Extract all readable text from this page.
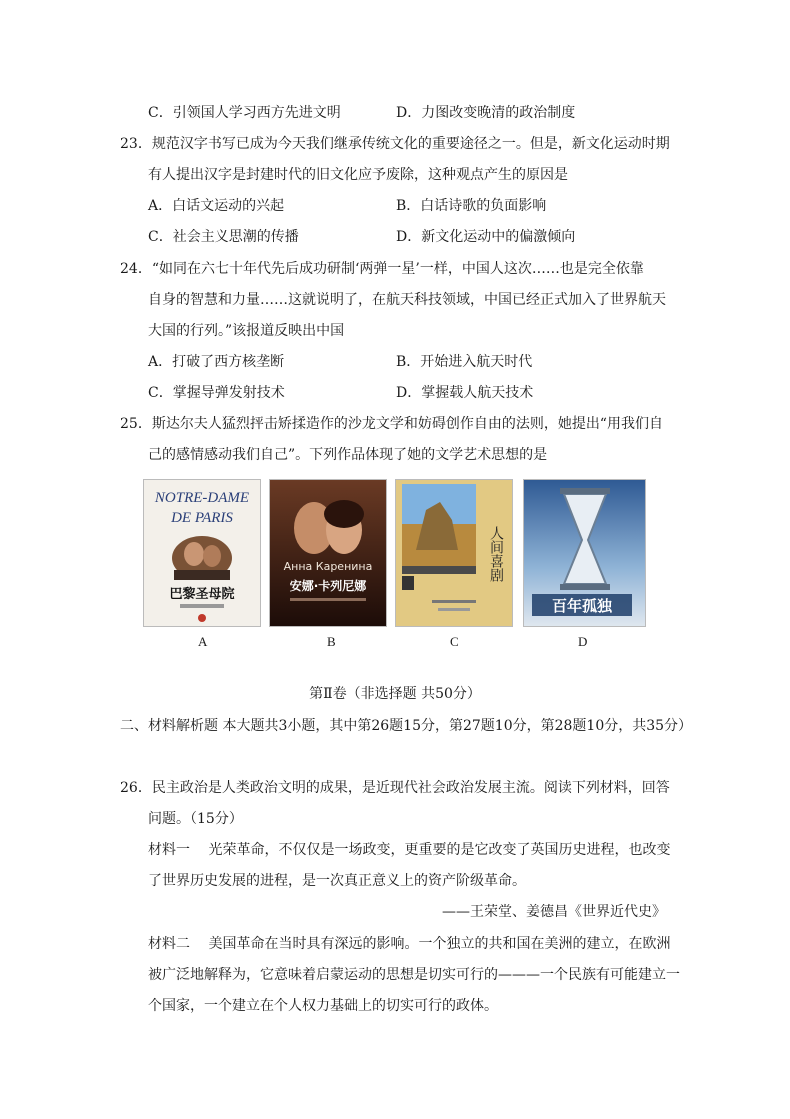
C．引领国人学习西方先进文明	D．力图改变晚清的政治制度
23．规范汉字书写已成为今天我们继承传统文化的重要途径之一。但是，新文化运动时期
有人提出汉字是封建时代的旧文化应予废除，这种观点产生的原因是
A．白话文运动的兴起	B．白话诗歌的负面影响
C．社会主义思潮的传播	D．新文化运动中的偏激倾向
24．“如同在六七十年代先后成功研制‘两弹一星’一样，中国人这次……也是完全依靠
自身的智慧和力量……这就说明了，在航天科技领域，中国已经正式加入了世界航天
大国的行列。”该报道反映出中国
A．打破了西方核垄断	B．开始进入航天时代
C．掌握导弹发射技术	D．掌握载人航天技术
25．斯达尔夫人猛烈抨击矫揉造作的沙龙文学和妨碍创作自由的法则，她提出“用我们自
己的感情感动我们自己”。下列作品体现了她的文学艺术思想的是
NOTRE-DAME
DE PARIS
巴黎圣母院
Анна Каренина
安娜·卡列尼娜
人间喜剧
百年孤独
A	B	C	D
第Ⅱ卷（非选择题 共50分）
二、材料解析题 本大题共3小题，其中第26题15分，第27题10分，第28题10分，共35分）
26．民主政治是人类政治文明的成果，是近现代社会政治发展主流。阅读下列材料，回答
问题。（15分）
材料一　 光荣革命，不仅仅是一场政变，更重要的是它改变了英国历史进程，也改变
了世界历史发展的进程，是一次真正意义上的资产阶级革命。
——王荣堂、姜德昌《世界近代史》
材料二　 美国革命在当时具有深远的影响。一个独立的共和国在美洲的建立，在欧洲
被广泛地解释为，它意味着启蒙运动的思想是切实可行的———一个民族有可能建立一
个国家，一个建立在个人权力基础上的切实可行的政体。
